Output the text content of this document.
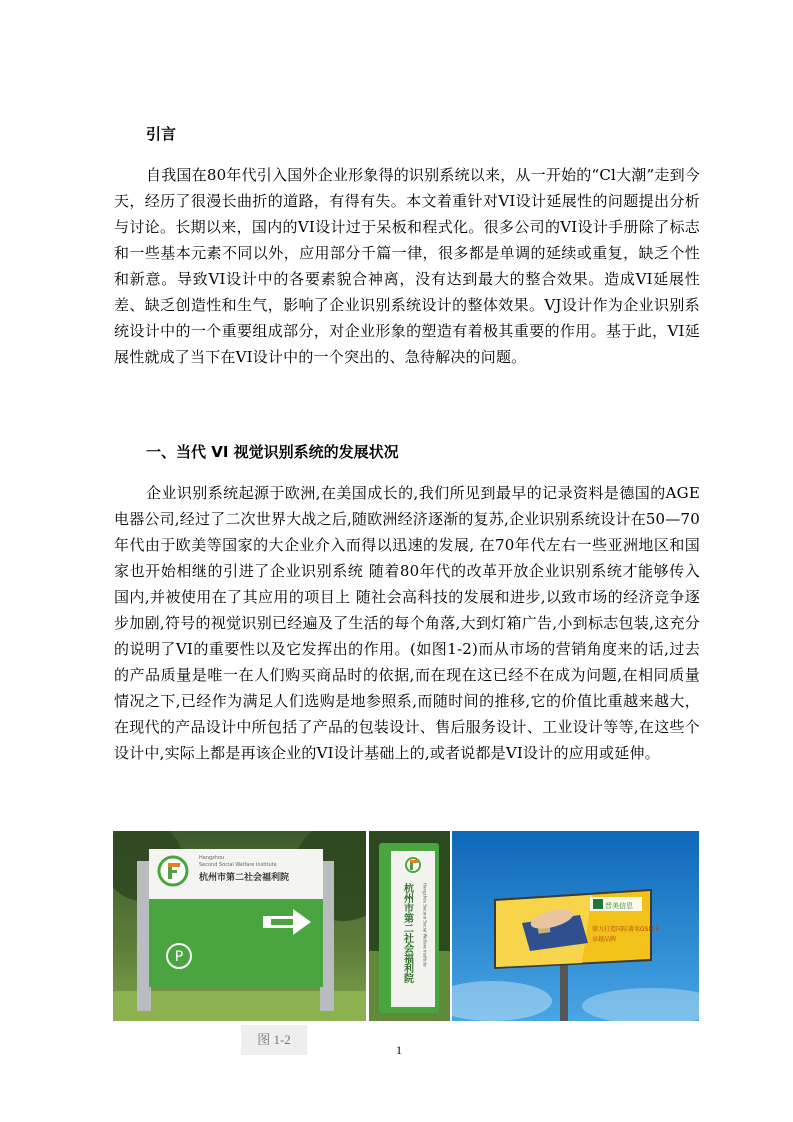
引言

自我国在80年代引入国外企业形象得的识别系统以来，从一开始的“Cl大潮”走到今天，经历了很漫长曲折的道路，有得有失。本文着重针对VI设计延展性的问题提出分析与讨论。长期以来，国内的VI设计过于呆板和程式化。很多公司的VI设计手册除了标志和一些基本元素不同以外，应用部分千篇一律，很多都是单调的延续或重复，缺乏个性和新意。导致VI设计中的各要素貌合神离，没有达到最大的整合效果。造成VI延展性差、缺乏创造性和生气，影响了企业识别系统设计的整体效果。VJ设计作为企业识别系统设计中的一个重要组成部分，对企业形象的塑造有着极其重要的作用。基于此，VI延展性就成了当下在VI设计中的一个突出的、急待解决的问题。

一、当代 VI 视觉识别系统的发展状况

企业识别系统起源于欧洲,在美国成长的,我们所见到最早的记录资料是德国的AGE 电器公司,经过了二次世界大战之后,随欧洲经济逐渐的复苏,企业识别系统设计在50—70年代由于欧美等国家的大企业介入而得以迅速的发展, 在70年代左右一些亚洲地区和国家也开始相继的引进了企业识别系统 随着80年代的改革开放企业识别系统才能够传入国内,并被使用在了其应用的项目上 随社会高科技的发展和进步,以致市场的经济竞争逐步加剧,符号的视觉识别已经遍及了生活的每个角落,大到灯箱广告,小到标志包装,这充分的说明了VI的重要性以及它发挥出的作用。(如图1-2)而从市场的营销角度来的话,过去的产品质量是唯一在人们购买商品时的依据,而在现在这已经不在成为问题,在相同质量情况之下,已经作为满足人们选购是地参照系,而随时间的推移,它的价值比重越来越大，在现代的产品设计中所包括了产品的包装设计、售后服务设计、工业设计等等,在这些个设计中,实际上都是再该企业的VI设计基础上的,或者说都是VI设计的应用或延伸。

Hangzhou
Second Social Welfare Institute
杭州市第二社会福利院
P	杭州市第二社会福利院	Hangzhou Second Social Welfare Institute	晋美信息
鼎力打造国际著名GSM卡
卓越品牌
图 1-2
1
